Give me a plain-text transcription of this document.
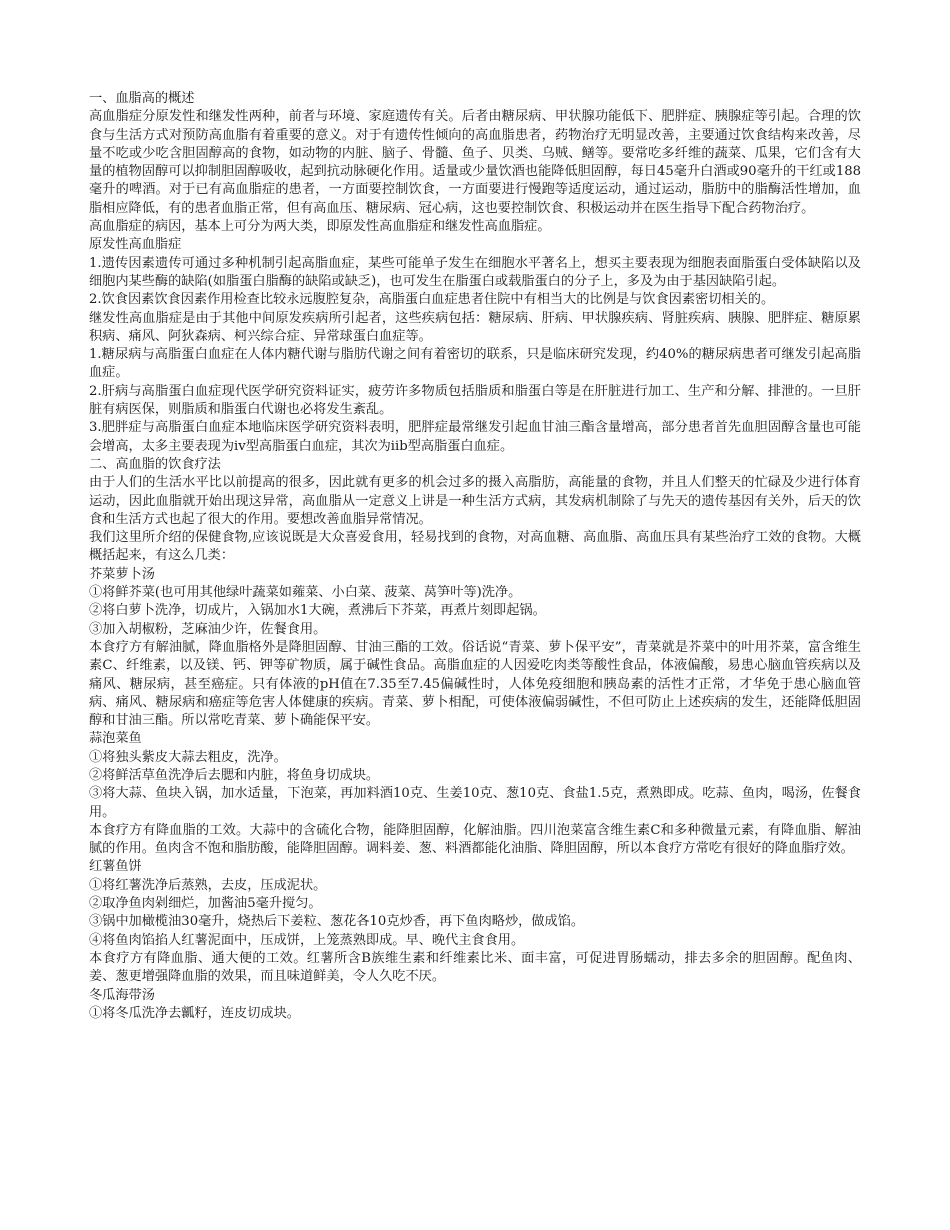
一、血脂高的概述

高血脂症分原发性和继发性两种，前者与环境、家庭遗传有关。后者由糖尿病、甲状腺功能低下、肥胖症、胰腺症等引起。合理的饮食与生活方式对预防高血脂有着重要的意义。对于有遗传性倾向的高血脂患者，药物治疗无明显改善，主要通过饮食结构来改善，尽量不吃或少吃含胆固醇高的食物，如动物的内脏、脑子、骨髓、鱼子、贝类、乌贼、鳝等。要常吃多纤维的蔬菜、瓜果，它们含有大量的植物固醇可以抑制胆固醇吸收，起到抗动脉硬化作用。适量或少量饮酒也能降低胆固醇，每日45毫升白酒或90毫升的干红或188毫升的啤酒。对于已有高血脂症的患者，一方面要控制饮食，一方面要进行慢跑等适度运动，通过运动，脂肪中的脂酶活性增加，血脂相应降低，有的患者血脂正常，但有高血压、糖尿病、冠心病，这也要控制饮食、积极运动并在医生指导下配合药物治疗。

高血脂症的病因，基本上可分为两大类，即原发性高血脂症和继发性高血脂症。

原发性高血脂症

1.遗传因素遗传可通过多种机制引起高脂血症，某些可能单子发生在细胞水平著名上，想买主要表现为细胞表面脂蛋白受体缺陷以及细胞内某些酶的缺陷(如脂蛋白脂酶的缺陷或缺乏)，也可发生在脂蛋白或载脂蛋白的分子上，多及为由于基因缺陷引起。

2.饮食因素饮食因素作用检查比较永远腹腔复杂，高脂蛋白血症患者住院中有相当大的比例是与饮食因素密切相关的。

继发性高血脂症是由于其他中间原发疾病所引起者，这些疾病包括：糖尿病、肝病、甲状腺疾病、肾脏疾病、胰腺、肥胖症、糖原累积病、痛风、阿狄森病、柯兴综合症、异常球蛋白血症等。

1.糖尿病与高脂蛋白血症在人体内糖代谢与脂肪代谢之间有着密切的联系，只是临床研究发现，约40%的糖尿病患者可继发引起高脂血症。

2.肝病与高脂蛋白血症现代医学研究资料证实，疲劳许多物质包括脂质和脂蛋白等是在肝脏进行加工、生产和分解、排泄的。一旦肝脏有病医保，则脂质和脂蛋白代谢也必将发生紊乱。

3.肥胖症与高脂蛋白血症本地临床医学研究资料表明，肥胖症最常继发引起血甘油三酯含量增高，部分患者首先血胆固醇含量也可能会增高，太多主要表现为iv型高脂蛋白血症，其次为iib型高脂蛋白血症。

二、高血脂的饮食疗法

由于人们的生活水平比以前提高的很多，因此就有更多的机会过多的摄入高脂肪，高能量的食物，并且人们整天的忙碌及少进行体育运动，因此血脂就开始出现这异常，高血脂从一定意义上讲是一种生活方式病，其发病机制除了与先天的遗传基因有关外，后天的饮食和生活方式也起了很大的作用。要想改善血脂异常情况。

我们这里所介绍的保健食物,应该说既是大众喜爱食用，轻易找到的食物，对高血糖、高血脂、高血压具有某些治疗工效的食物。大概概括起来，有这么几类：

芥菜萝卜汤

①将鲜芥菜(也可用其他绿叶蔬菜如蕹菜、小白菜、菠菜、莴笋叶等)洗净。

②将白萝卜洗净，切成片，入锅加水1大碗，煮沸后下芥菜，再煮片刻即起锅。

③加入胡椒粉，芝麻油少许，佐餐食用。

本食疗方有解油腻，降血脂格外是降胆固醇、甘油三酯的工效。俗话说“青菜、萝卜保平安”，青菜就是芥菜中的叶用芥菜，富含维生素C、纤维素，以及镁、钙、钾等矿物质，属于碱性食品。高脂血症的人因爱吃肉类等酸性食品，体液偏酸，易患心脑血管疾病以及痛风、糖尿病，甚至癌症。只有体液的pH值在7.35至7.45偏碱性时，人体免疫细胞和胰岛素的活性才正常，才华免于患心脑血管病、痛风、糖尿病和癌症等危害人体健康的疾病。青菜、萝卜相配，可使体液偏弱碱性，不但可防止上述疾病的发生，还能降低胆固醇和甘油三酯。所以常吃青菜、萝卜确能保平安。

蒜泡菜鱼

①将独头紫皮大蒜去粗皮，洗净。

②将鲜活草鱼洗净后去腮和内脏，将鱼身切成块。

③将大蒜、鱼块入锅，加水适量，下泡菜，再加料酒10克、生姜10克、葱10克、食盐1.5克，煮熟即成。吃蒜、鱼肉，喝汤，佐餐食用。

本食疗方有降血脂的工效。大蒜中的含硫化合物，能降胆固醇，化解油脂。四川泡菜富含维生素C和多种微量元素，有降血脂、解油腻的作用。鱼肉含不饱和脂肪酸，能降胆固醇。调料姜、葱、料酒都能化油脂、降胆固醇，所以本食疗方常吃有很好的降血脂疗效。

红薯鱼饼

①将红薯洗净后蒸熟，去皮，压成泥状。

②取净鱼肉剁细烂，加酱油5毫升搅匀。

③锅中加橄榄油30毫升，烧热后下姜粒、葱花各10克炒香，再下鱼肉略炒，做成馅。

④将鱼肉馅掐人红薯泥面中，压成饼，上笼蒸熟即成。早、晚代主食食用。

本食疗方有降血脂、通大便的工效。红薯所含B族维生素和纤维素比米、面丰富，可促进胃肠蠕动，排去多余的胆固醇。配鱼肉、姜、葱更增强降血脂的效果，而且味道鲜美，令人久吃不厌。

冬瓜海带汤

①将冬瓜洗净去瓤籽，连皮切成块。
